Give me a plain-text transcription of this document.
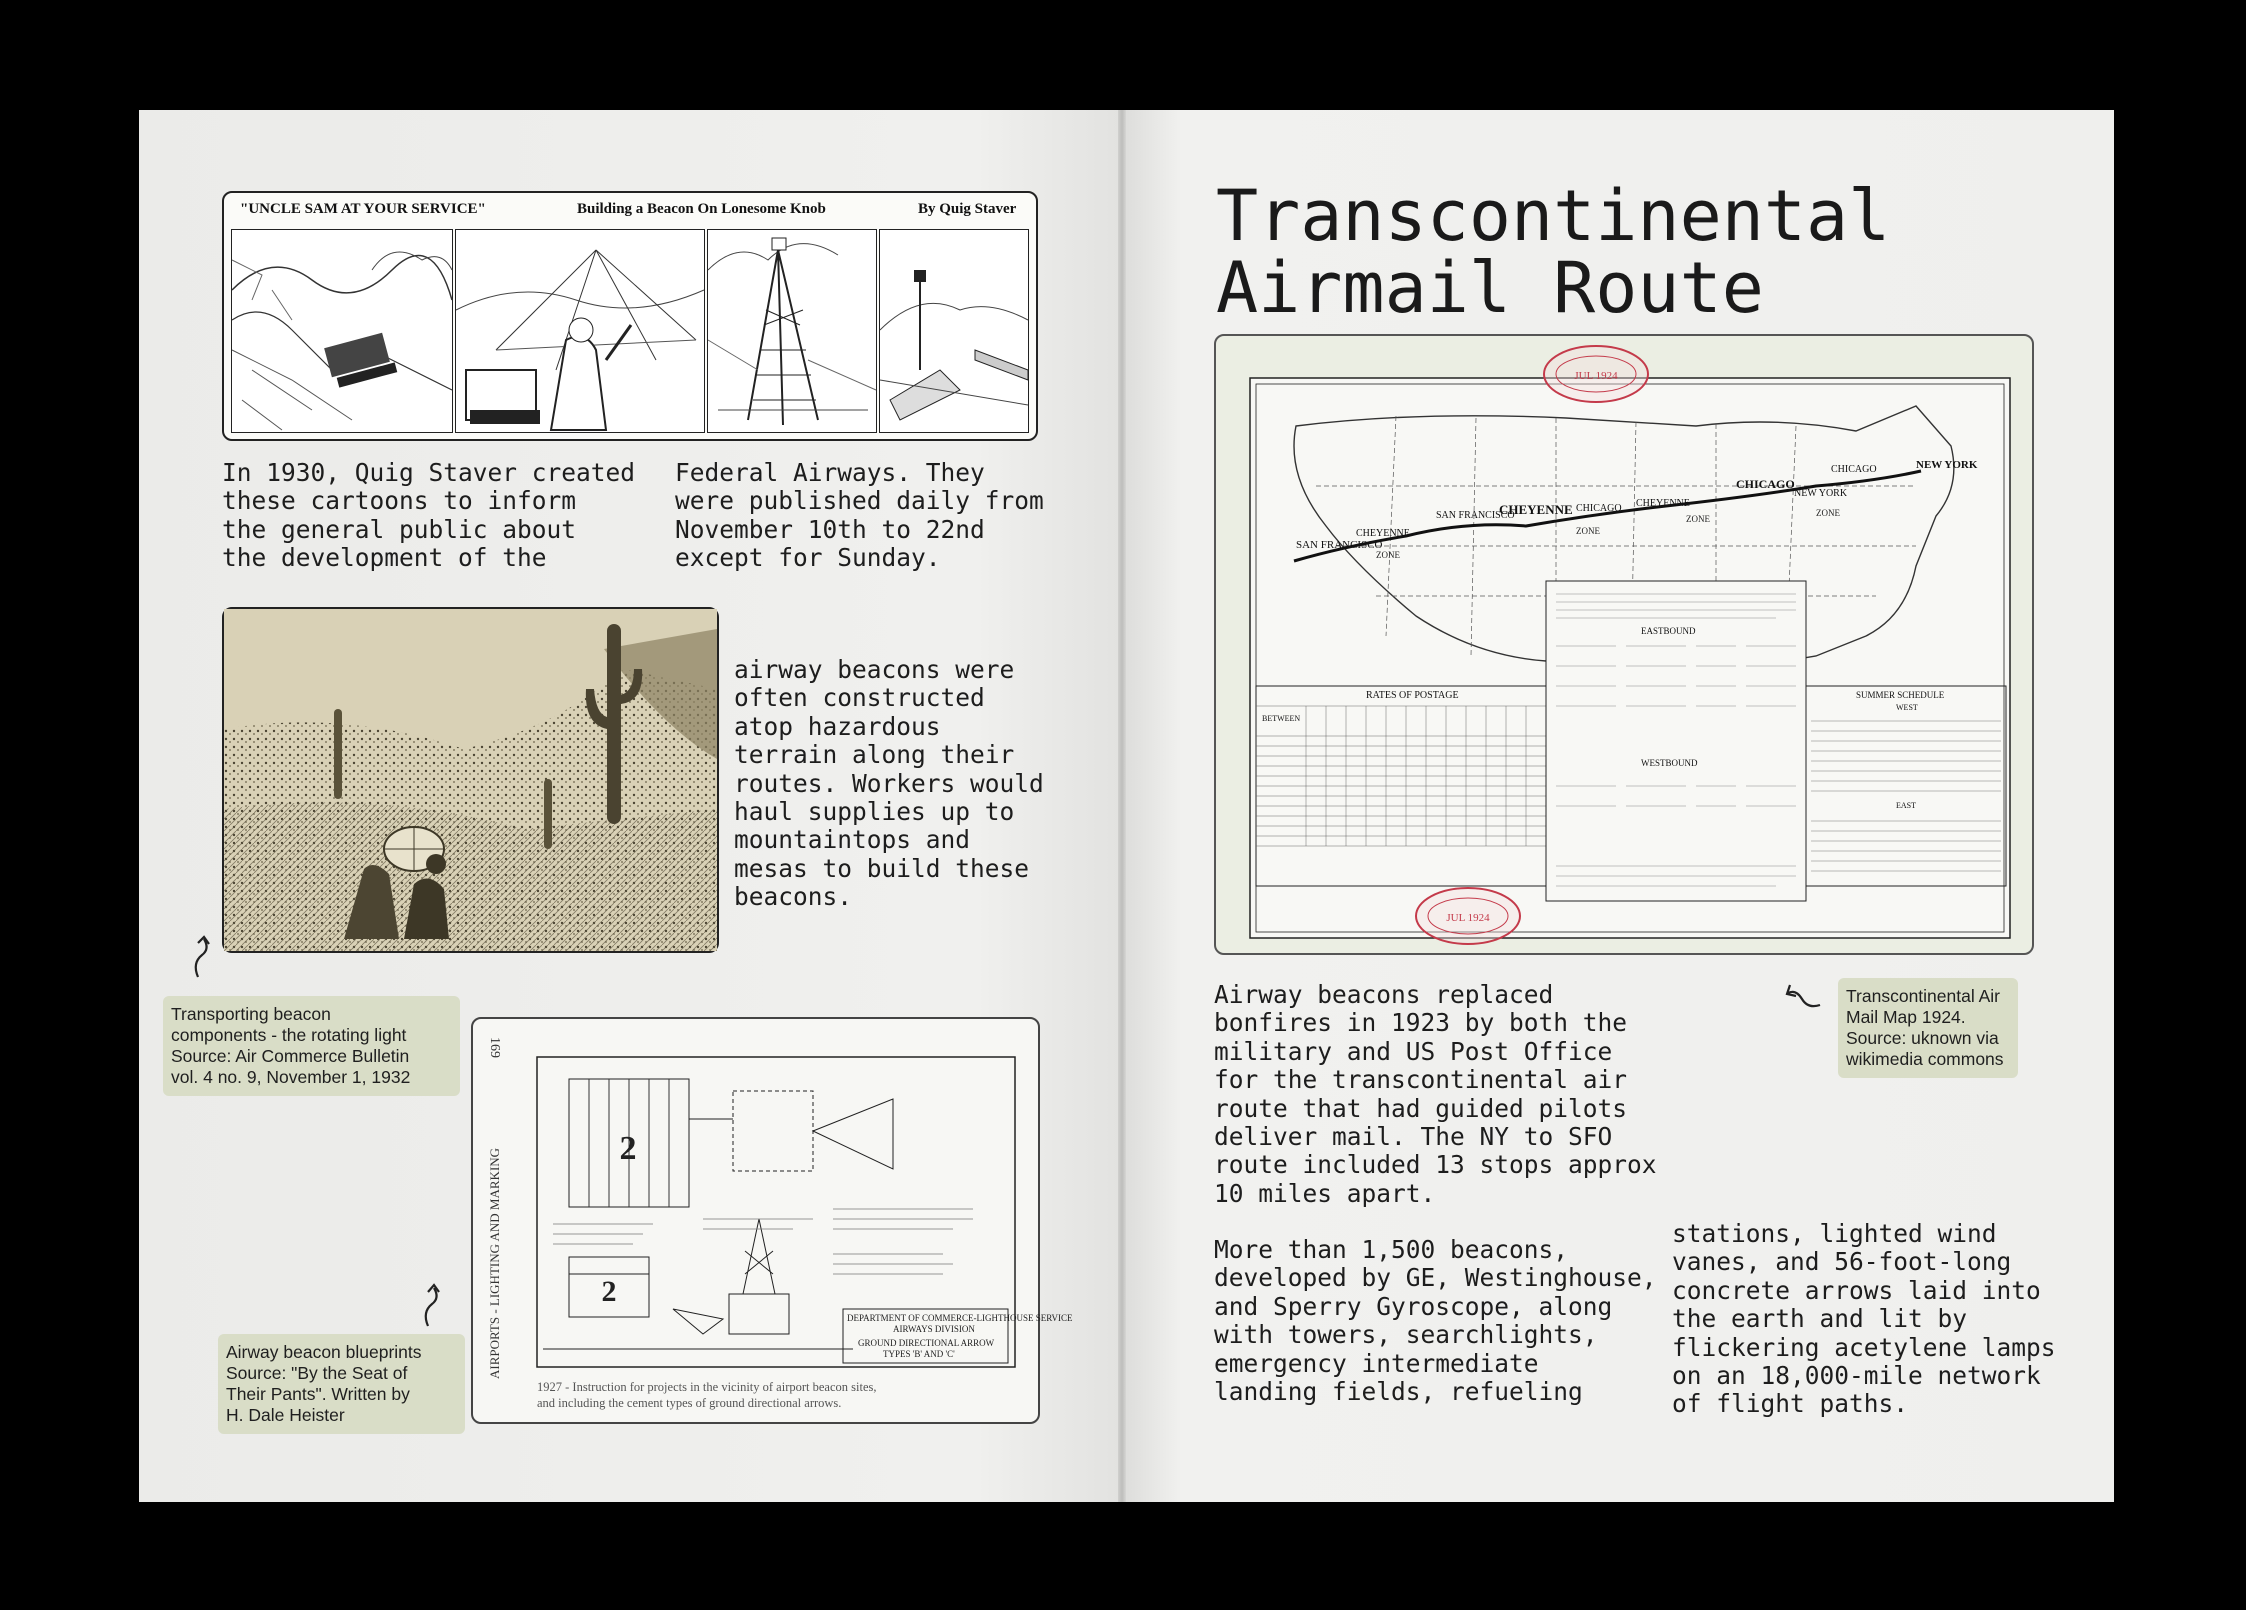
"UNCLE SAM AT YOUR SERVICE"	Building a Beacon On Lonesome Knob	By Quig Staver

In 1930, Quig Staver created
these cartoons to inform
the general public about
the development of the

Federal Airways. They
were published daily from
November 10th to 22nd
except for Sunday.

airway beacons were
often constructed
atop hazardous
terrain along their
routes. Workers would
haul supplies up to
mountaintops and
mesas to build these
beacons.

Transporting beacon
components - the rotating light
Source: Air Commerce Bulletin
vol. 4 no. 9, November 1, 1932
AIRPORTS - LIGHTING AND MARKING
169
2
2
DEPARTMENT OF COMMERCE-LIGHTHOUSE SERVICE
AIRWAYS DIVISION
GROUND DIRECTIONAL ARROW
TYPES 'B' AND 'C'
1927 - Instruction for projects in the vicinity of airport beacon sites,
and including the cement types of ground directional arrows.
Airway beacon blueprints
Source: "By the Seat of
Their Pants". Written by
H. Dale Heister
Transcontinental
Airmail Route
SAN FRANCISCO
CHEYENNE
SAN FRANCISCO
CHEYENNE CHICAGO CHEYENNE
CHICAGO
NEW YORK
CHICAGO	NEW YORK
ZONE
ZONE
ZONE
ZONE
JUL 1924
JUL 1924
RATES OF POSTAGE
BETWEEN
EASTBOUND
WESTBOUND
SUMMER SCHEDULE
WEST
EAST
Transcontinental Air
Mail Map 1924.
Source: uknown via
wikimedia commons

Airway beacons replaced
bonfires in 1923 by both the
military and US Post Office
for the transcontinental air
route that had guided pilots
deliver mail. The NY to SFO
route included 13 stops approx
10 miles apart.

More than 1,500 beacons,
developed by GE, Westinghouse,
and Sperry Gyroscope, along
with towers, searchlights,
emergency intermediate
landing fields, refueling

stations, lighted wind
vanes, and 56-foot-long
concrete arrows laid into
the earth and lit by
flickering acetylene lamps
on an 18,000-mile network
of flight paths.
